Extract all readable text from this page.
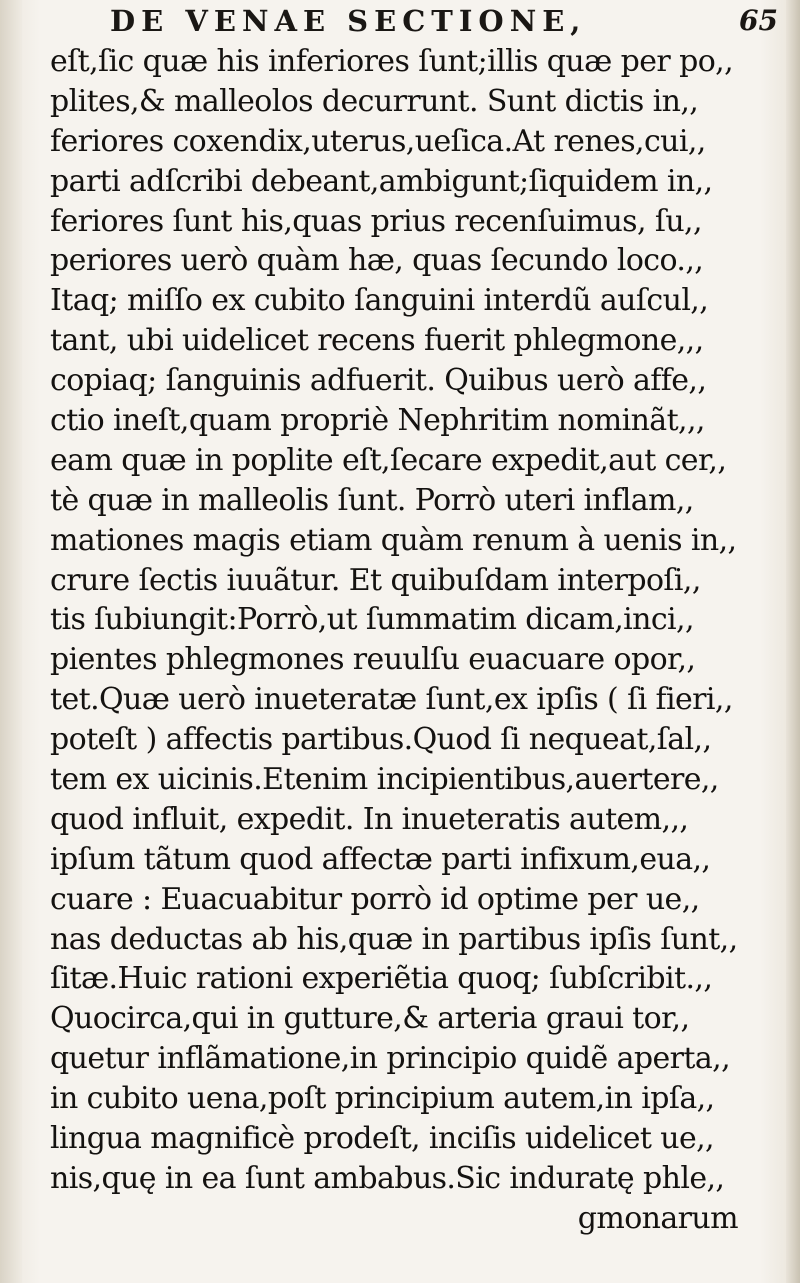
DE VENAE SECTIONE,	65
eſt,ſic quæ his inferiores ſunt;illis quæ per po,,
plites,& malleolos decurrunt. Sunt dictis in,,
feriores coxendix,uterus,ueſica.At renes,cui,,
parti adſcribi debeant,ambigunt;ſiquidem in,,
feriores ſunt his,quas prius recenſuimus, ſu,,
periores uerò quàm hæ, quas ſecundo loco.,,
Itaq; miſſo ex cubito ſanguini interdũ auſcul,,
tant, ubi uidelicet recens fuerit phlegmone,,,
copiaq; ſanguinis adfuerit. Quibus uerò affe,,
ctio ineſt,quam propriè Nephritim nominãt,,,
eam quæ in poplite eſt,ſecare expedit,aut cer,,
tè quæ in malleolis ſunt. Porrò uteri inflam,,
mationes magis etiam quàm renum à uenis in,,
crure ſectis iuuãtur. Et quibuſdam interpoſi,,
tis ſubiungit:Porrò,ut ſummatim dicam,inci,,
pientes phlegmones reuulſu euacuare opor,,
tet.Quæ uerò inueteratæ ſunt,ex ipſis ( ſi fieri,,
poteſt ) affectis partibus.Quod ſi nequeat,ſal,,
tem ex uicinis.Etenim incipientibus,auertere,,
quod influit, expedit. In inueteratis autem,,,
ipſum tãtum quod affectæ parti infixum,eua,,
cuare : Euacuabitur porrò id optime per ue,,
nas deductas ab his,quæ in partibus ipſis ſunt,,
ſitæ.Huic rationi experiẽtia quoq; ſubſcribit.,,
Quocirca,qui in gutture,& arteria graui tor,,
quetur inflãmatione,in principio quidẽ aperta,,
in cubito uena,poſt principium autem,in ipſa,,
lingua magnificè prodeſt, inciſis uidelicet ue,,
nis,quę in ea ſunt ambabus.Sic induratę phle,,
gmonarum
